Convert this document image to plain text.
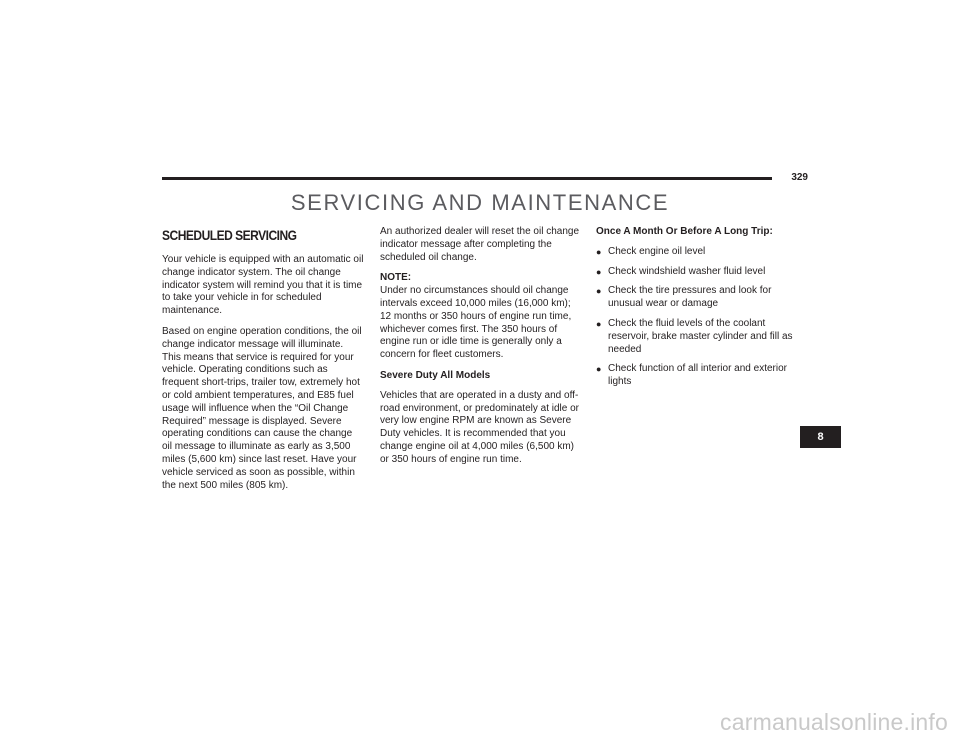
329
SERVICING AND MAINTENANCE
SCHEDULED SERVICING

Your vehicle is equipped with an automatic oil change indicator system. The oil change indicator system will remind you that it is time to take your vehicle in for scheduled maintenance.

Based on engine operation conditions, the oil change indicator message will illuminate. This means that service is required for your vehicle. Operating conditions such as frequent short-trips, trailer tow, extremely hot or cold ambient temperatures, and E85 fuel usage will influence when the “Oil Change Required” message is displayed. Severe operating conditions can cause the change oil message to illuminate as early as 3,500 miles (5,600 km) since last reset. Have your vehicle serviced as soon as possible, within the next 500 miles (805 km).

An authorized dealer will reset the oil change indicator message after completing the scheduled oil change.

NOTE:
Under no circumstances should oil change intervals exceed 10,000 miles (16,000 km); 12 months or 350 hours of engine run time, whichever comes first. The 350 hours of engine run or idle time is generally only a concern for fleet customers.

Severe Duty All Models

Vehicles that are operated in a dusty and off-road environment, or predominately at idle or very low engine RPM are known as Severe Duty vehicles. It is recommended that you change engine oil at 4,000 miles (6,500 km) or 350 hours of engine run time.

Once A Month Or Before A Long Trip:
● Check engine oil level
● Check windshield washer fluid level
● Check the tire pressures and look for unusual wear or damage
● Check the fluid levels of the coolant reservoir, brake master cylinder and fill as needed
● Check function of all interior and exterior lights
8
carmanualsonline.info
